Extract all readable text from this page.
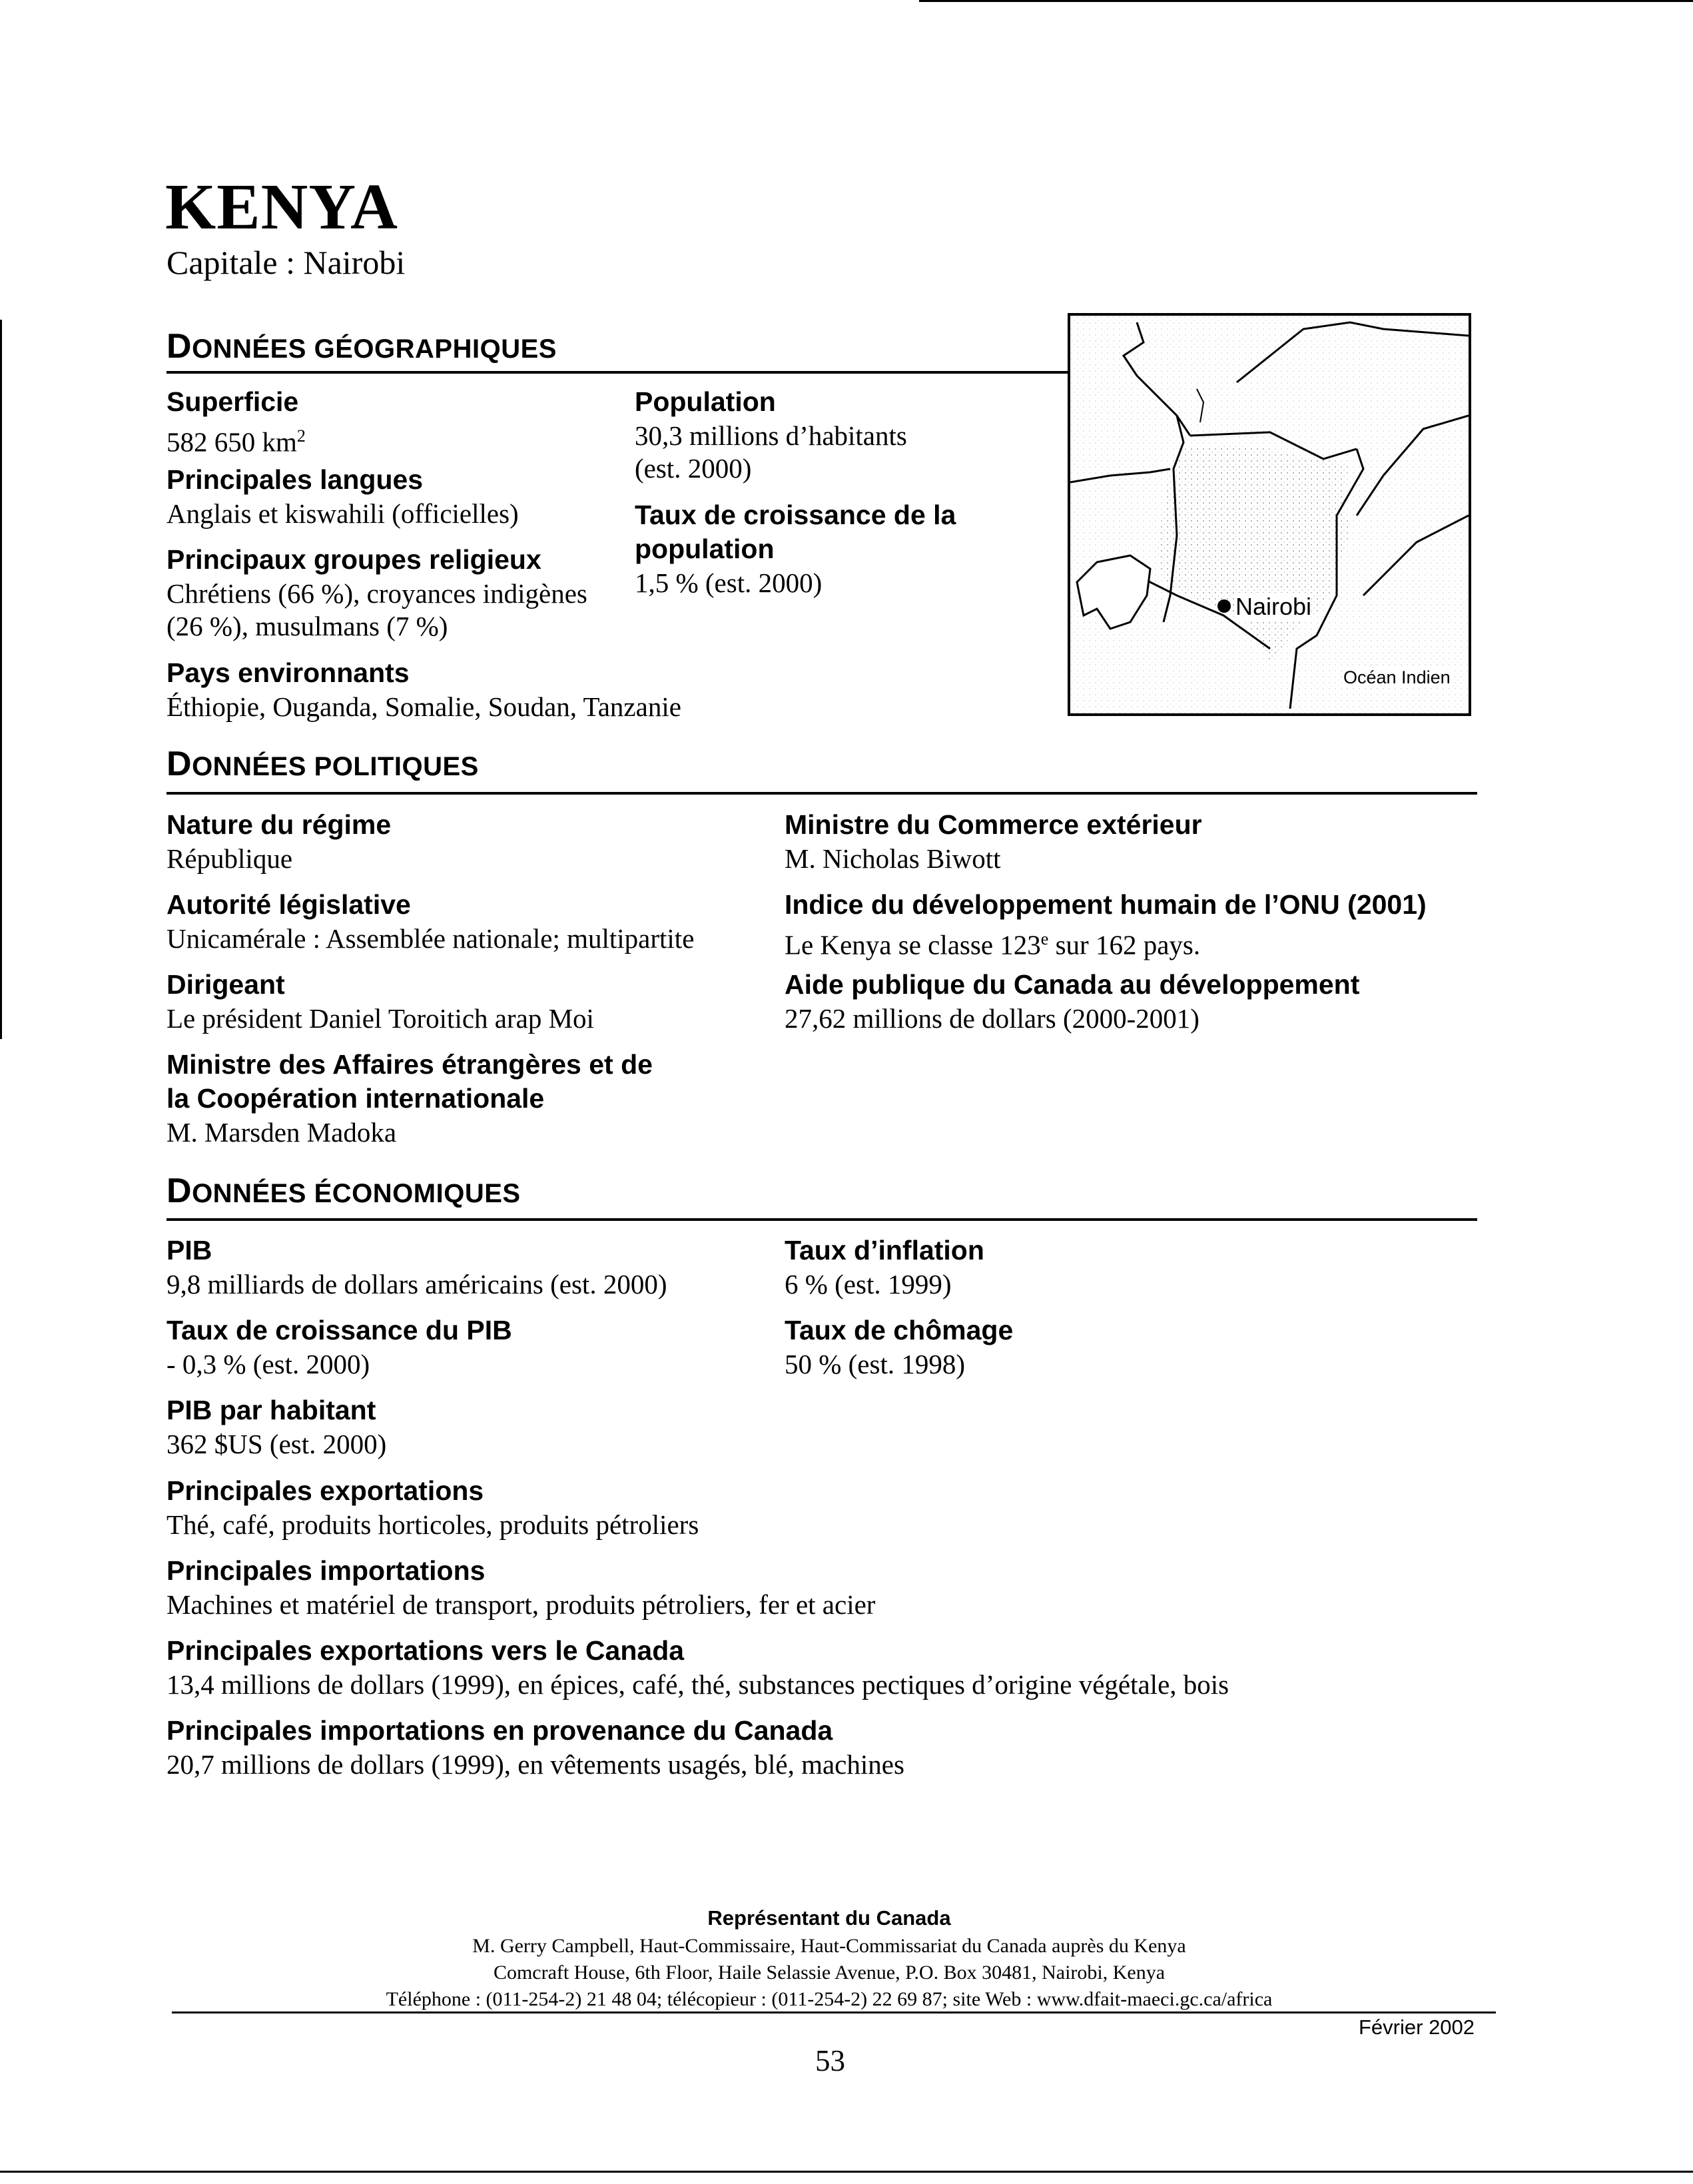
KENYA
Capitale : Nairobi
DONNÉES GÉOGRAPHIQUES
Superficie
582 650 $km^2$
Principales langues
Anglais et kiswahili (officielles)
Principaux groupes religieux
Chrétiens (66 %), croyances indigènes (26 %), musulmans (7 %)
Pays environnants
Éthiopie, Ouganda, Somalie, Soudan, Tanzanie
Population
30,3 millions d’habitants (est. 2000)
Taux de croissance de la population
1,5 % (est. 2000)
Nairobi
Océan Indien
DONNÉES POLITIQUES
Nature du régime
République
Autorité législative
Unicamérale : Assemblée nationale; multipartite
Dirigeant
Le président Daniel Toroitich arap Moi
Ministre des Affaires étrangères et de la Coopération internationale
M. Marsden Madoka
Ministre du Commerce extérieur
M. Nicholas Biwott
Indice du développement humain de l’ONU (2001)
Le Kenya se classe 123e sur 162 pays.
Aide publique du Canada au développement
27,62 millions de dollars (2000-2001)
DONNÉES ÉCONOMIQUES
PIB
9,8 milliards de dollars américains (est. 2000)
Taux de croissance du PIB
- 0,3 % (est. 2000)
PIB par habitant
362 $US (est. 2000)
Principales exportations
Thé, café, produits horticoles, produits pétroliers
Principales importations
Machines et matériel de transport, produits pétroliers, fer et acier
Principales exportations vers le Canada
13,4 millions de dollars (1999), en épices, café, thé, substances pectiques d’origine végétale, bois
Principales importations en provenance du Canada
20,7 millions de dollars (1999), en vêtements usagés, blé, machines
Taux d’inflation
6 % (est. 1999)
Taux de chômage
50 % (est. 1998)
Représentant du Canada
M. Gerry Campbell, Haut-Commissaire, Haut-Commissariat du Canada auprès du Kenya
Comcraft House, 6th Floor, Haile Selassie Avenue, P.O. Box 30481, Nairobi, Kenya
Téléphone : (011-254-2) 21 48 04; télécopieur : (011-254-2) 22 69 87; site Web : www.dfait-maeci.gc.ca/africa
Février 2002
53
